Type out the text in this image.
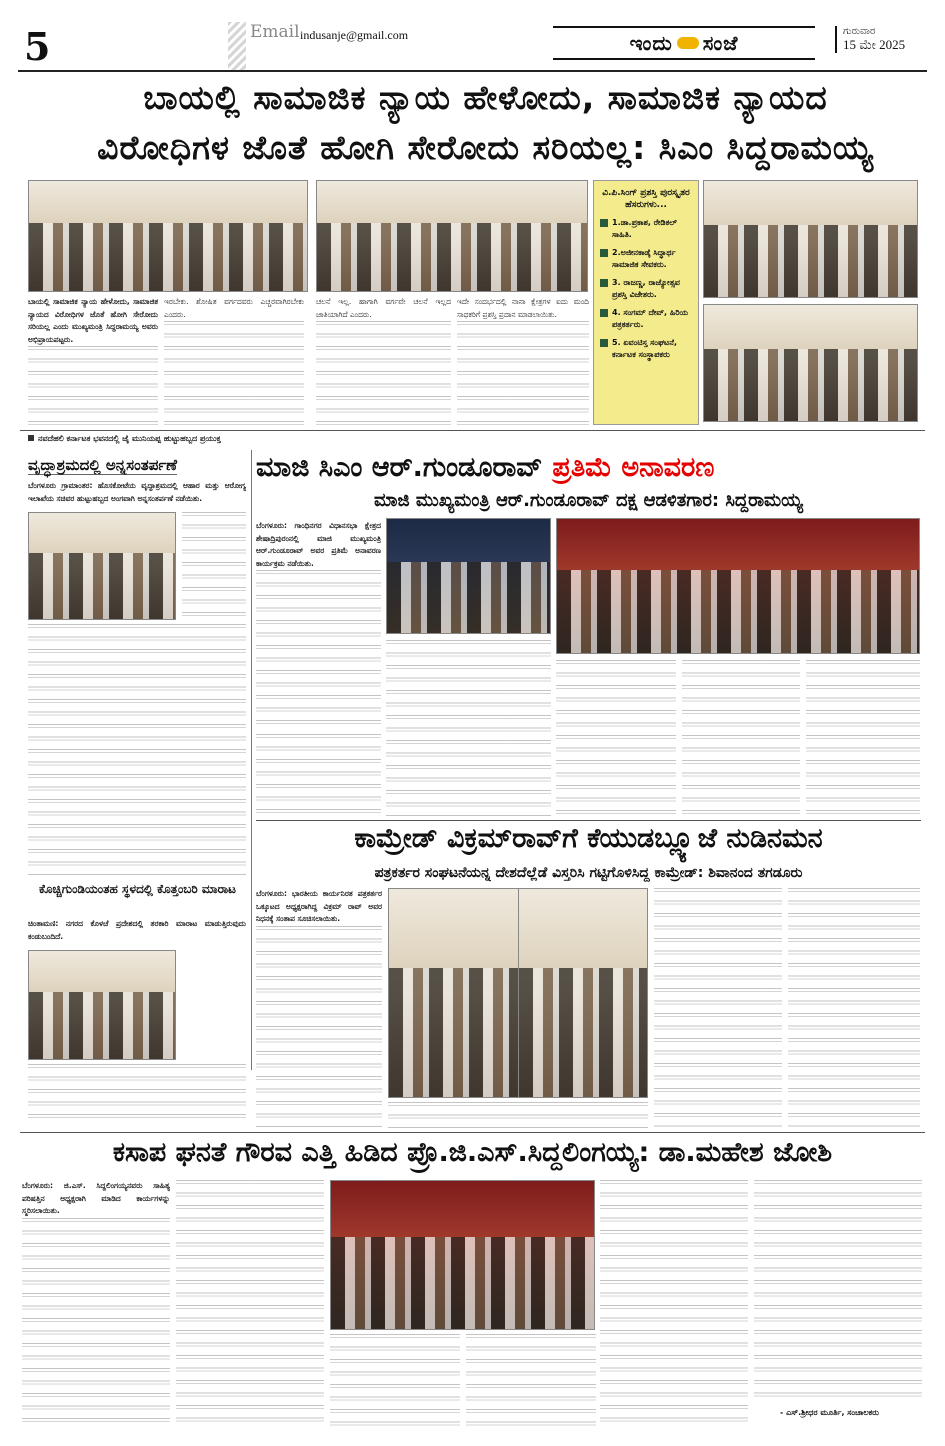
5	Email indusanje@gmail.com	ಇಂದು ಸಂಜೆ	ಗುರುವಾರ
15 ಮೇ 2025
ಬಾಯಲ್ಲಿ ಸಾಮಾಜಿಕ ನ್ಯಾಯ ಹೇಳೋದು, ಸಾಮಾಜಿಕ ನ್ಯಾಯದ
ವಿರೋಧಿಗಳ ಜೊತೆ ಹೋಗಿ ಸೇರೋದು ಸರಿಯಲ್ಲ: ಸಿಎಂ ಸಿದ್ದರಾಮಯ್ಯ
ವಿ.ಪಿ.ಸಿಂಗ್ ಪ್ರಶಸ್ತಿ ಪುರಸ್ಕೃತರ ಹೆಸರುಗಳು...
1.ಡಾ.ಪ್ರಕಾಶ, ರೇಡಿಕಲ್ ಸಾಹಿತಿ.
2.ಅಜೀನಕಾಡ್ಕೆ ಸಿದ್ಧಾರ್ಥ ಸಾಮಾಜಿಕ ಸೇವಕರು.
3. ರಾಜಣ್ಣ, ರಾಜ್ಯೋತ್ಸವ ಪ್ರಶಸ್ತಿ ವಿಜೇತರು.
4. ಸಂಗಮ್ ದೇವ್, ಹಿರಿಯ ಪತ್ರಕರ್ತರು.
5. ಏವಂಟಿಸ್ತ ಸಂಘಟನೆ, ಕರ್ನಾಟಕ ಸಂಸ್ಥಾಪಕರು
ಬಾಯಲ್ಲಿ ಸಾಮಾಜಿಕ ನ್ಯಾಯ ಹೇಳೋದು, ಸಾಮಾಜಿಕ ನ್ಯಾಯದ ವಿರೋಧಿಗಳ ಜೊತೆ ಹೋಗಿ ಸೇರೋದು ಸರಿಯಲ್ಲ ಎಂದು ಮುಖ್ಯಮಂತ್ರಿ ಸಿದ್ದರಾಮಯ್ಯ ಅವರು ಅಭಿಪ್ರಾಯಪಟ್ಟರು.
ಇರಬೇಕು. ಶೋಷಿತ ವರ್ಗದವರು ಎಚ್ಚರವಾಗಿರಬೇಕು ಎಂದರು.
ಚಲನೆ ಇಲ್ಲ. ಹಾಗಾಗಿ ವರ್ಗವೇ ಚಲನೆ ಇಲ್ಲದ ಜಾತಿಯಾಗಿದೆ ಎಂದರು.
ಇದೇ ಸಂದರ್ಭದಲ್ಲಿ ನಾನಾ ಕ್ಷೇತ್ರಗಳ ಐದು ಮಂದಿ ಸಾಧಕರಿಗೆ ಪ್ರಶಸ್ತಿ ಪ್ರದಾನ ಮಾಡಲಾಯಿತು.
ನವದೆಹಲಿ ಕರ್ನಾಟಕ ಭವನದಲ್ಲಿ ಜೈ ಮುನಿಯಪ್ಪ ಹುಟ್ಟುಹಬ್ಬದ ಪ್ರಯುಕ್ತ
ವೃದ್ಧಾಶ್ರಮದಲ್ಲಿ ಅನ್ನಸಂತರ್ಪಣೆ
ಬೆಂಗಳೂರು ಗ್ರಾಮಾಂತರ: ಹೊಸಕೋಟೆಯ ವೃದ್ಧಾಶ್ರಮದಲ್ಲಿ ಆಹಾರ ಮತ್ತು ಆರೋಗ್ಯ ಇಲಾಖೆಯ ಸಚಿವರ ಹುಟ್ಟುಹಬ್ಬದ ಅಂಗವಾಗಿ ಅನ್ನಸಂತರ್ಪಣೆ ನಡೆಯಿತು.
ಕೊಚ್ಚಿಗುಂಡಿಯಂತಹ ಸ್ಥಳದಲ್ಲಿ ಕೊತ್ತಂಬರಿ ಮಾರಾಟ
ಚಿಂತಾಮಣಿ: ನಗರದ ಕೊಳಚೆ ಪ್ರದೇಶದಲ್ಲಿ ತರಕಾರಿ ಮಾರಾಟ ಮಾಡುತ್ತಿರುವುದು ಕಂಡುಬಂದಿದೆ.
ಮಾಜಿ ಸಿಎಂ ಆರ್.ಗುಂಡೂರಾವ್ ಪ್ರತಿಮೆ ಅನಾವರಣ
ಮಾಜಿ ಮುಖ್ಯಮಂತ್ರಿ ಆರ್.ಗುಂಡೂರಾವ್ ದಕ್ಷ ಆಡಳಿತಗಾರ: ಸಿದ್ದರಾಮಯ್ಯ
ಬೆಂಗಳೂರು: ಗಾಂಧಿನಗರ ವಿಧಾನಸಭಾ ಕ್ಷೇತ್ರದ ಶೇಷಾದ್ರಿಪುರಂನಲ್ಲಿ ಮಾಜಿ ಮುಖ್ಯಮಂತ್ರಿ ಆರ್.ಗುಂಡೂರಾವ್ ಅವರ ಪ್ರತಿಮೆ ಅನಾವರಣ ಕಾರ್ಯಕ್ರಮ ನಡೆಯಿತು.
ಕಾಮ್ರೇಡ್ ವಿಕ್ರಮ್‌ರಾವ್‌ಗೆ ಕೆಯುಡಬ್ಲ್ಯೂಜೆ ನುಡಿನಮನ
ಪತ್ರಕರ್ತರ ಸಂಘಟನೆಯನ್ನ ದೇಶದೆಲ್ಲೆಡೆ ವಿಸ್ತರಿಸಿ ಗಟ್ಟಿಗೊಳಿಸಿದ್ದ ಕಾಮ್ರೇಡ್: ಶಿವಾನಂದ ತಗಡೂರು
ಬೆಂಗಳೂರು: ಭಾರತೀಯ ಕಾರ್ಯನಿರತ ಪತ್ರಕರ್ತರ ಒಕ್ಕೂಟದ ಅಧ್ಯಕ್ಷರಾಗಿದ್ದ ವಿಕ್ರಮ್ ರಾವ್ ಅವರ ನಿಧನಕ್ಕೆ ಸಂತಾಪ ಸೂಚಿಸಲಾಯಿತು.
ಕಸಾಪ ಘನತೆ ಗೌರವ ಎತ್ತಿ ಹಿಡಿದ ಪ್ರೊ.ಜಿ.ಎಸ್.ಸಿದ್ದಲಿಂಗಯ್ಯ: ಡಾ.ಮಹೇಶ ಜೋಶಿ
ಬೆಂಗಳೂರು: ಜಿ.ಎಸ್. ಸಿದ್ದಲಿಂಗಯ್ಯನವರು ಸಾಹಿತ್ಯ ಪರಿಷತ್ತಿನ ಅಧ್ಯಕ್ಷರಾಗಿ ಮಾಡಿದ ಕಾರ್ಯಗಳನ್ನು ಸ್ಮರಿಸಲಾಯಿತು.
- ಎಸ್.ಶ್ರೀಧರ ಮೂರ್ತಿ, ಸಂಚಾಲಕರು
